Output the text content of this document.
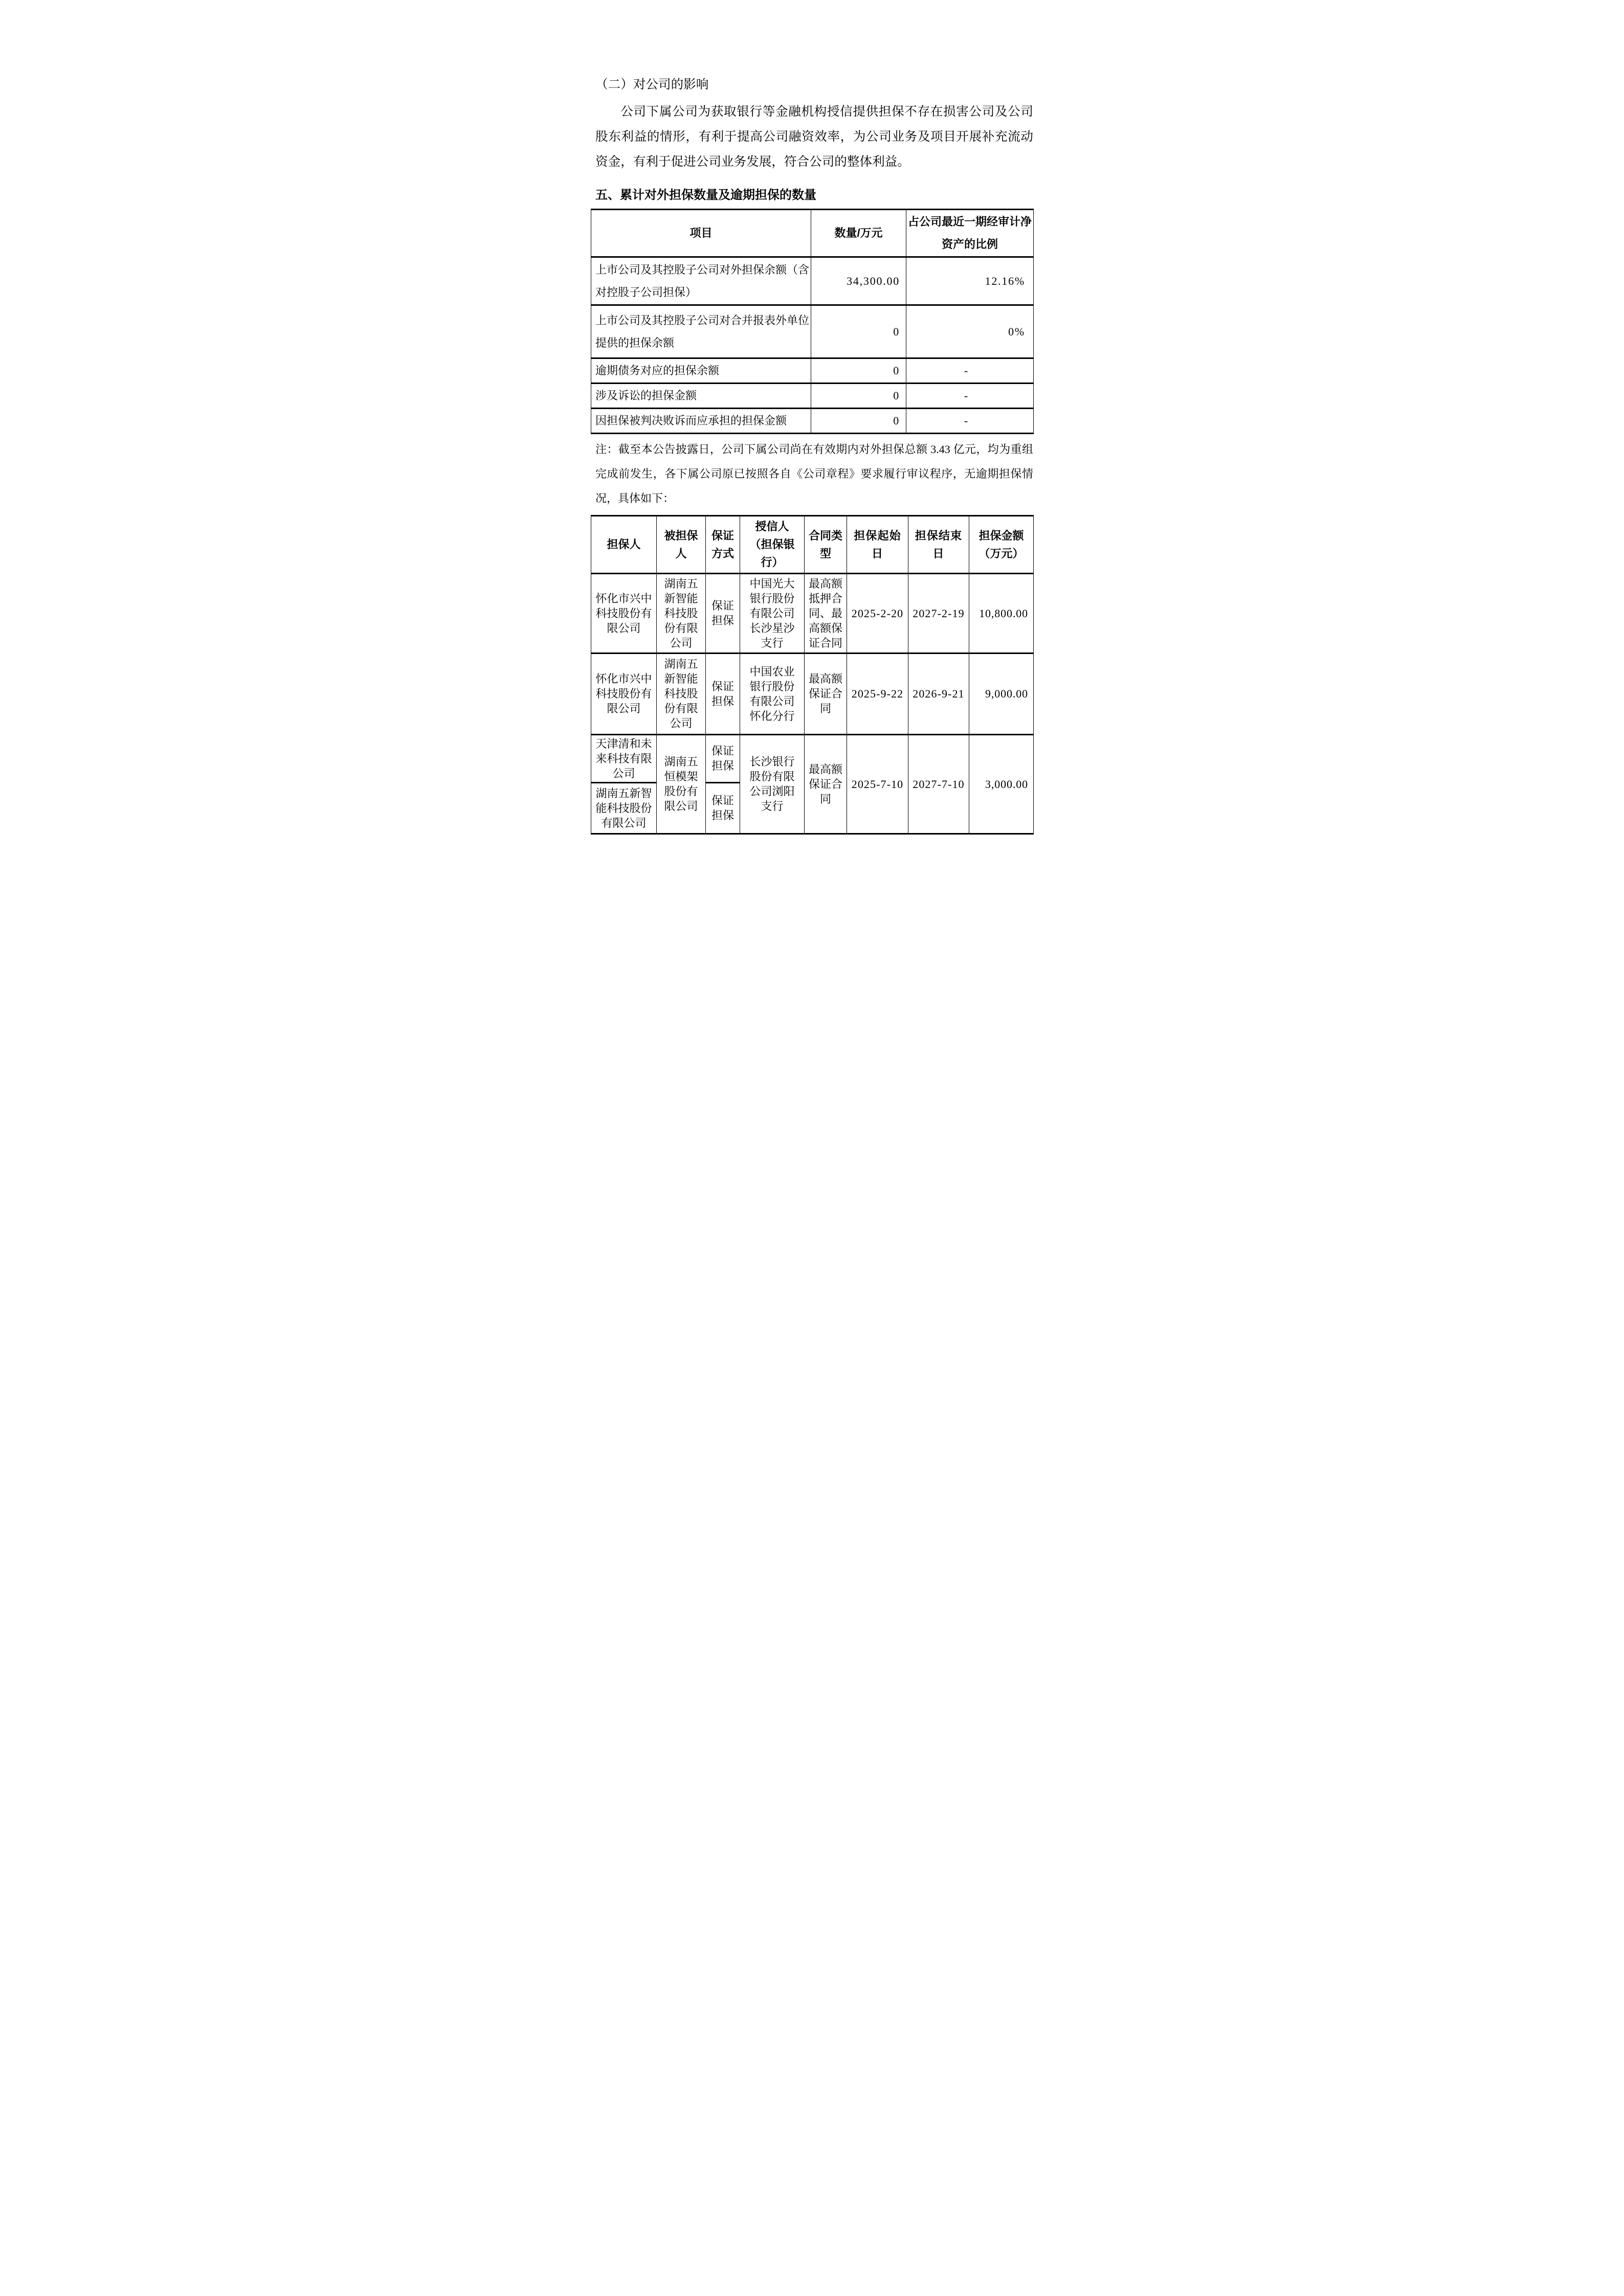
（二）对公司的影响

公司下属公司为获取银行等金融机构授信提供担保不存在损害公司及公司股东利益的情形，有利于提高公司融资效率，为公司业务及项目开展补充流动资金，有利于促进公司业务发展，符合公司的整体利益。

五、累计对外担保数量及逾期担保的数量
项目	数量/万元	占公司最近一期经审计净资产的比例
上市公司及其控股子公司对外担保余额（含对控股子公司担保）	34,300.00	12.16%
上市公司及其控股子公司对合并报表外单位提供的担保余额	0	0%
逾期债务对应的担保余额	0	-
涉及诉讼的担保金额	0	-
因担保被判决败诉而应承担的担保金额	0	-

注：截至本公告披露日，公司下属公司尚在有效期内对外担保总额 3.43 亿元，均为重组完成前发生，各下属公司原已按照各自《公司章程》要求履行审议程序，无逾期担保情况，具体如下：

担保人	被担保人	保证方式	授信人（担保银行）	合同类型	担保起始日	担保结束日	担保金额（万元）
怀化市兴中科技股份有限公司	湖南五新智能科技股份有限公司	保证担保	中国光大银行股份有限公司长沙星沙支行	最高额抵押合同、最高额保证合同	2025-2-20	2027-2-19	10,800.00
怀化市兴中科技股份有限公司	湖南五新智能科技股份有限公司	保证担保	中国农业银行股份有限公司怀化分行	最高额保证合同	2025-9-22	2026-9-21	9,000.00
天津清和未来科技有限公司	湖南五恒模架股份有限公司	保证担保	长沙银行股份有限公司浏阳支行	最高额保证合同	2025-7-10	2027-7-10	3,000.00
湖南五新智能科技股份有限公司		保证担保					
